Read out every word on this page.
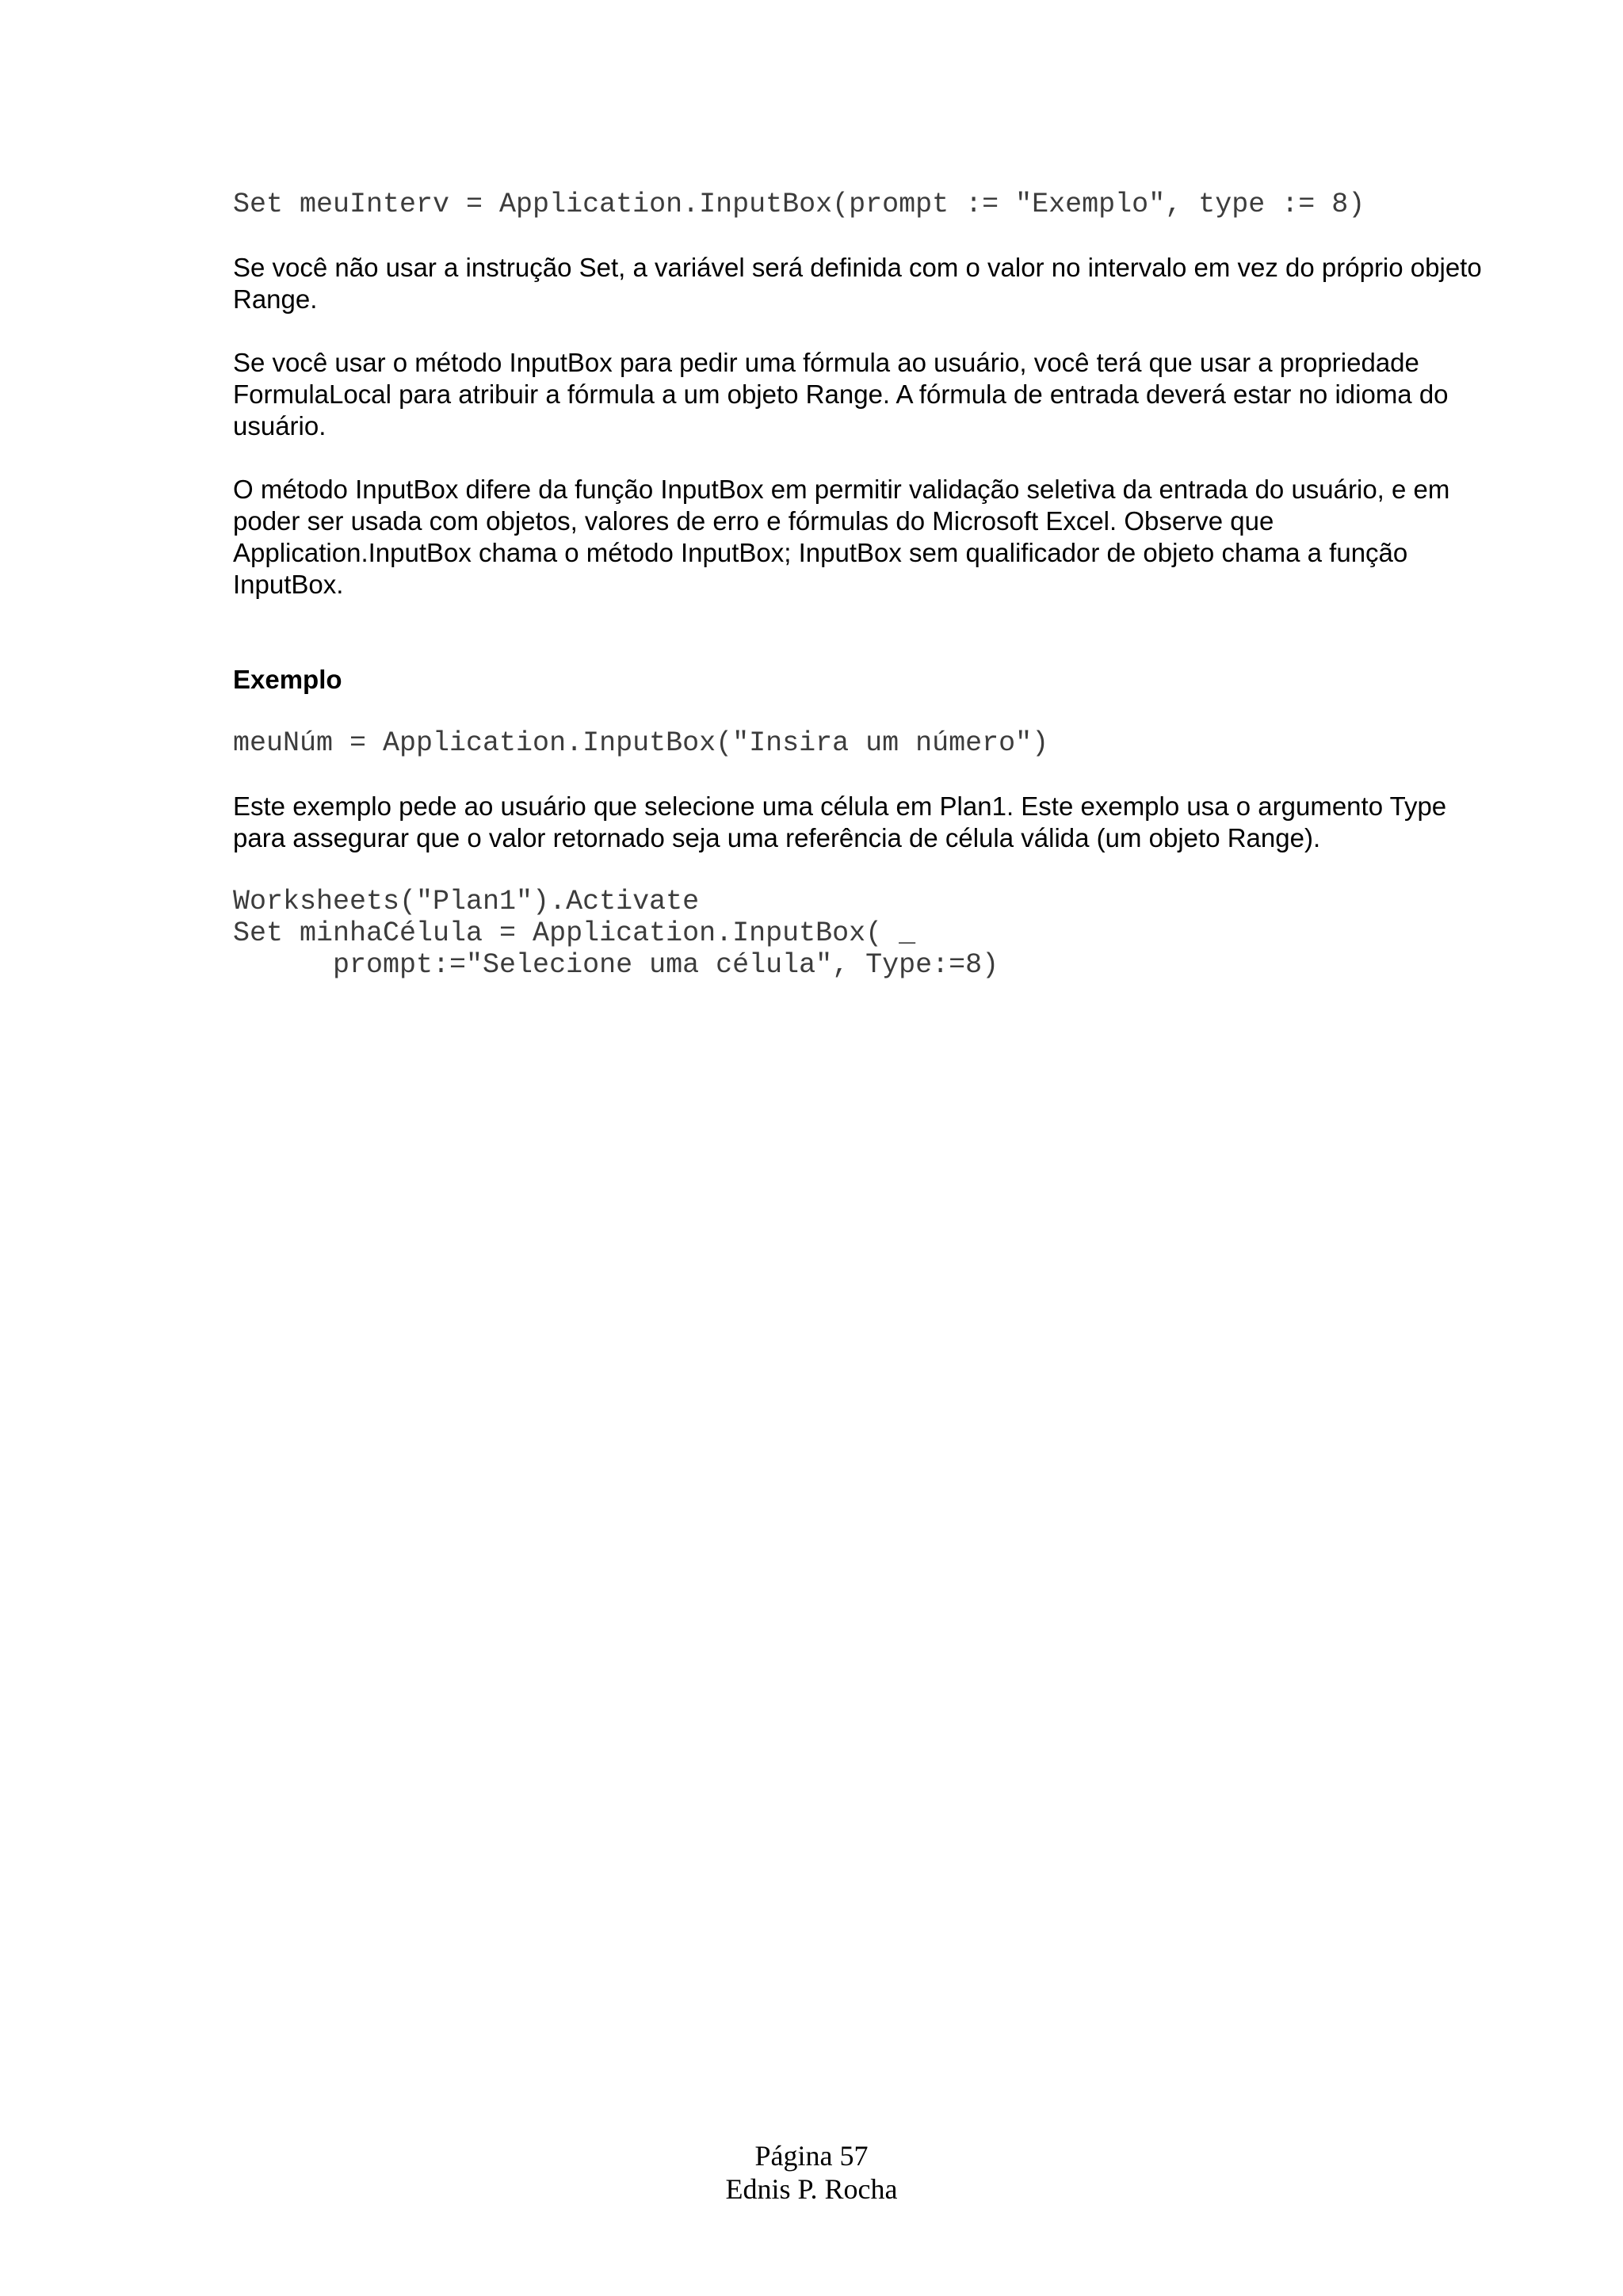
Set meuInterv = Application.InputBox(prompt := "Exemplo", type := 8)

Se você não usar a instrução Set, a variável será definida com o valor no intervalo em vez do próprio objeto Range.

Se você usar o método InputBox para pedir uma fórmula ao usuário, você terá que usar a propriedade FormulaLocal para atribuir a fórmula a um objeto Range. A fórmula de entrada deverá estar no idioma do usuário.

O método InputBox difere da função InputBox em permitir validação seletiva da entrada do usuário, e em poder ser usada com objetos, valores de erro e fórmulas do Microsoft Excel. Observe que Application.InputBox chama o método InputBox; InputBox sem qualificador de objeto chama a função InputBox.

Exemplo

meuNúm = Application.InputBox("Insira um número")

Este exemplo pede ao usuário que selecione uma célula em Plan1. Este exemplo usa o argumento Type para assegurar que o valor retornado seja uma referência de célula válida (um objeto Range).

Worksheets("Plan1").Activate

Set minhaCélula = Application.InputBox( _

prompt:="Selecione uma célula", Type:=8)

Página 57
Ednis P. Rocha
